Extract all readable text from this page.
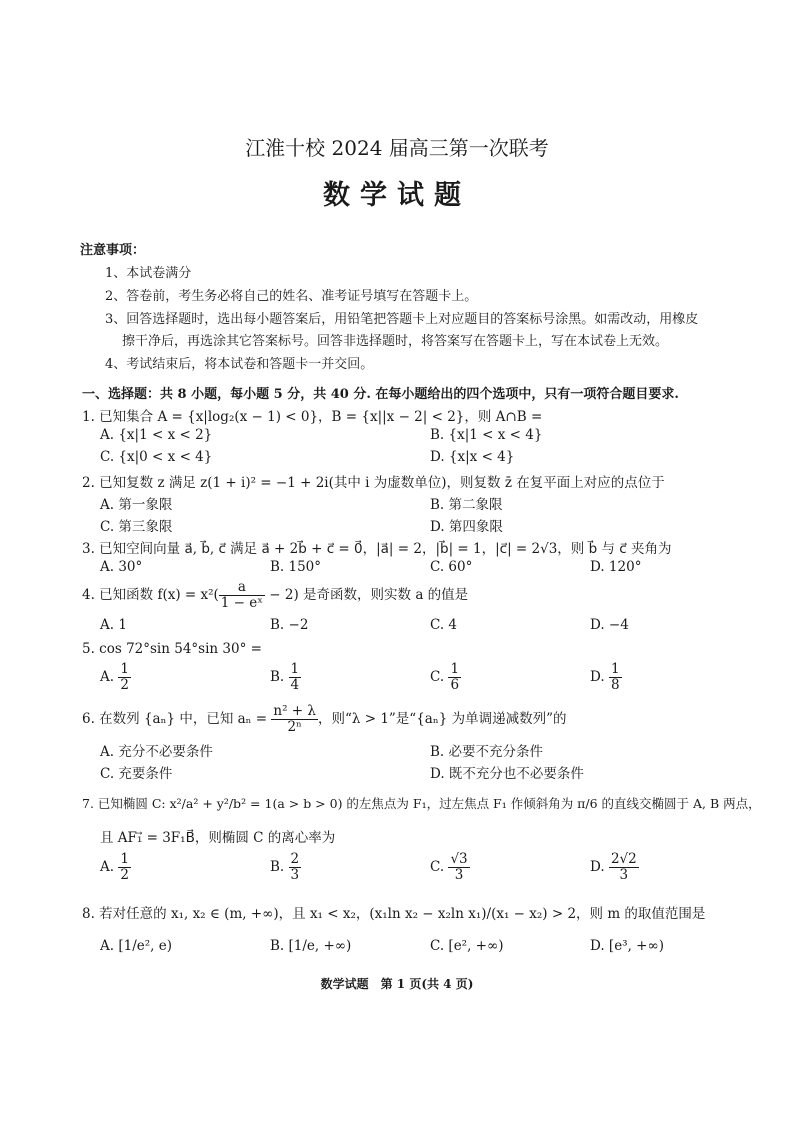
江淮十校 2024 届高三第一次联考
数学试题
注意事项：
1、本试卷满分
2、答卷前，考生务必将自己的姓名、准考证号填写在答题卡上。
3、回答选择题时，选出每小题答案后，用铅笔把答题卡上对应题目的答案标号涂黑。如需改动，用橡皮
擦干净后，再选涂其它答案标号。回答非选择题时，将答案写在答题卡上，写在本试卷上无效。
4、考试结束后，将本试卷和答题卡一并交回。
一、选择题：共 8 小题，每小题 5 分，共 40 分. 在每小题给出的四个选项中，只有一项符合题目要求.
1. 已知集合 A = {x|log₂(x − 1) < 0}，B = {x||x − 2| < 2}，则 A∩B =
A. {x|1 < x < 2}	B. {x|1 < x < 4}
C. {x|0 < x < 4}	D. {x|x < 4}
2. 已知复数 z 满足 z(1 + i)² = −1 + 2i(其中 i 为虚数单位)，则复数 z̄ 在复平面上对应的点位于
A. 第一象限	B. 第二象限
C. 第三象限	D. 第四象限
3. 已知空间向量 a⃗, b⃗, c⃗ 满足 a⃗ + 2b⃗ + c⃗ = 0⃗，|a⃗| = 2，|b⃗| = 1，|c⃗| = 2√3，则 b⃗ 与 c⃗ 夹角为
A. 30°	B. 150°	C. 60°	D. 120°
4. 已知函数 $f(x) = x^2( \frac{a}{\text{1 − eˣ}} - 2)$ 是奇函数，则实数 a 的值是
A. 1	B. −2	C. 4	D. −4
5. cos 72°sin 54°sin 30° =
A. $\frac{1}{2}$	B. $\frac{1}{4}$	C. $\frac{1}{6}$	D. $\frac{1}{8}$
6. 在数列 {aₙ} 中，已知 $a_n = \frac{\text{n² + λ}}{\text{2ⁿ}}$ ，则“λ > 1”是“{aₙ} 为单调递减数列”的
A. 充分不必要条件	B. 必要不充分条件
C. 充要条件	D. 既不充分也不必要条件
7. 已知椭圆 C: x²/a² + y²/b² = 1(a > b > 0) 的左焦点为 F₁，过左焦点 F₁ 作倾斜角为 π/6 的直线交椭圆于 A, B 两点，
且 AF₁⃗ = 3F₁B⃗，则椭圆 C 的离心率为
A. $\frac{1}{2}$	B. $\frac{2}{3}$	C. $\frac{√3}{3}$	D. $\frac{2√2}{3}$
8. 若对任意的 x₁, x₂ ∈ (m, +∞)，且 x₁ < x₂，(x₁ln x₂ − x₂ln x₁)/(x₁ − x₂) > 2，则 m 的取值范围是
A. [1/e², e)	B. [1/e, +∞)	C. [e², +∞)	D. [e³, +∞)
数学试题　第 1 页(共 4 页)
